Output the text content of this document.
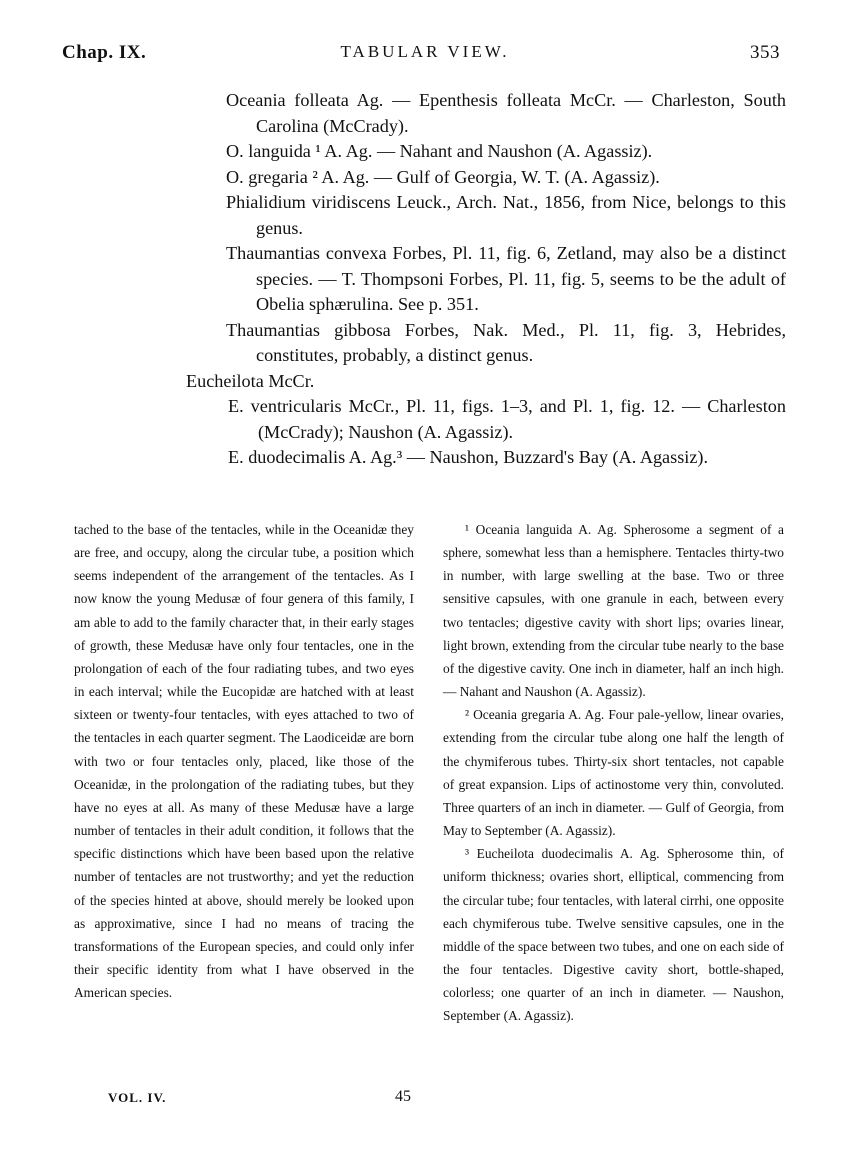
Chap. IX.	TABULAR VIEW.	353

Oceania folleata Ag. — Epenthesis folleata McCr. — Charleston, South Carolina (McCrady).

O. languida ¹ A. Ag. — Nahant and Naushon (A. Agassiz).

O. gregaria ² A. Ag. — Gulf of Georgia, W. T. (A. Agassiz).

Phialidium viridiscens Leuck., Arch. Nat., 1856, from Nice, belongs to this genus.

Thaumantias convexa Forbes, Pl. 11, fig. 6, Zetland, may also be a distinct species. — T. Thompsoni Forbes, Pl. 11, fig. 5, seems to be the adult of Obelia sphærulina. See p. 351.

Thaumantias gibbosa Forbes, Nak. Med., Pl. 11, fig. 3, Hebrides, constitutes, probably, a distinct genus.

Eucheilota McCr.

E. ventricularis McCr., Pl. 11, figs. 1–3, and Pl. 1, fig. 12. — Charleston (McCrady); Naushon (A. Agassiz).

E. duodecimalis A. Ag.³ — Naushon, Buzzard's Bay (A. Agassiz).

tached to the base of the tentacles, while in the Oceanidæ they are free, and occupy, along the circular tube, a position which seems independent of the arrangement of the tentacles. As I now know the young Medusæ of four genera of this family, I am able to add to the family character that, in their early stages of growth, these Medusæ have only four tentacles, one in the prolongation of each of the four radiating tubes, and two eyes in each interval; while the Eucopidæ are hatched with at least sixteen or twenty-four tentacles, with eyes attached to two of the tentacles in each quarter segment. The Laodiceidæ are born with two or four tentacles only, placed, like those of the Oceanidæ, in the prolongation of the radiating tubes, but they have no eyes at all. As many of these Medusæ have a large number of tentacles in their adult condition, it follows that the specific distinctions which have been based upon the relative number of tentacles are not trustworthy; and yet the reduction of the species hinted at above, should merely be looked upon as approximative, since I had no means of tracing the transformations of the European species, and could only infer their specific identity from what I have observed in the American species.

¹ Oceania languida A. Ag. Spherosome a segment of a sphere, somewhat less than a hemisphere. Tentacles thirty-two in number, with large swelling at the base. Two or three sensitive capsules, with one granule in each, between every two tentacles; digestive cavity with short lips; ovaries linear, light brown, extending from the circular tube nearly to the base of the digestive cavity. One inch in diameter, half an inch high. — Nahant and Naushon (A. Agassiz).

² Oceania gregaria A. Ag. Four pale-yellow, linear ovaries, extending from the circular tube along one half the length of the chymiferous tubes. Thirty-six short tentacles, not capable of great expansion. Lips of actinostome very thin, convoluted. Three quarters of an inch in diameter. — Gulf of Georgia, from May to September (A. Agassiz).

³ Eucheilota duodecimalis A. Ag. Spherosome thin, of uniform thickness; ovaries short, elliptical, commencing from the circular tube; four tentacles, with lateral cirrhi, one opposite each chymiferous tube. Twelve sensitive capsules, one in the middle of the space between two tubes, and one on each side of the four tentacles. Digestive cavity short, bottle-shaped, colorless; one quarter of an inch in diameter. — Naushon, September (A. Agassiz).

VOL. IV.	45
